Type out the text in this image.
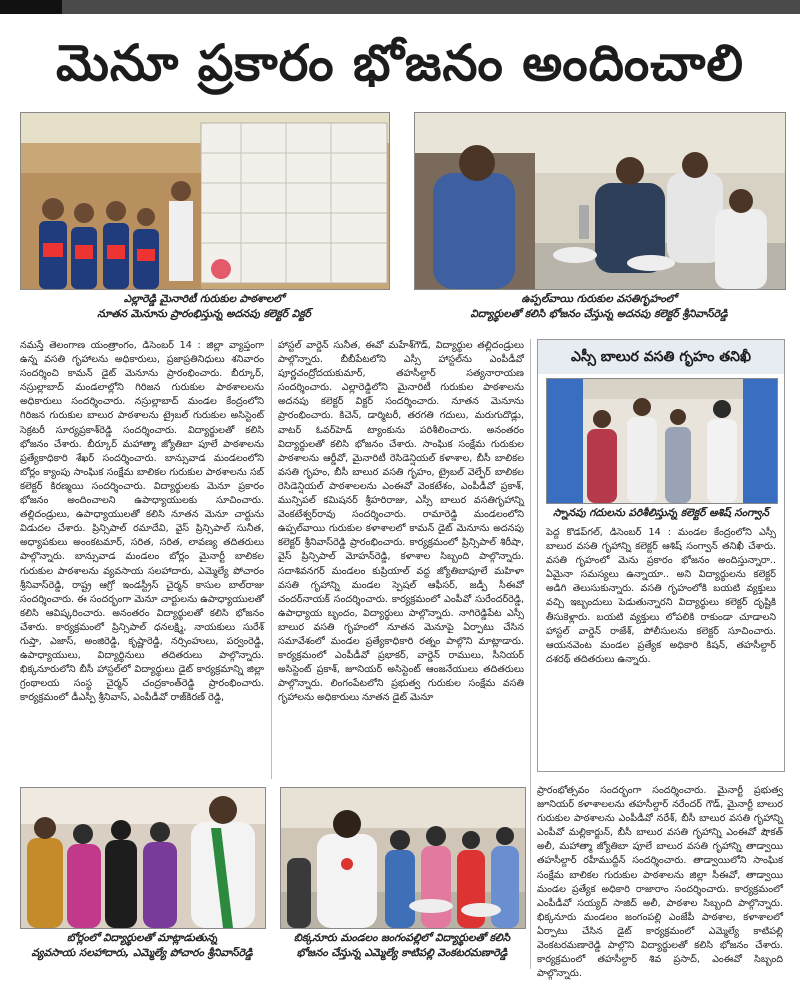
మెనూ ప్రకారం భోజనం అందించాలి
ఎల్లారెడ్డి మైనారిటీ గురుకుల పాఠశాలలో
నూతన మెనూను ప్రారంభిస్తున్న అదనపు కలెక్టర్ విక్టర్
ఉప్పల్‌వాయి గురుకుల వసతిగృహంలో
విద్యార్థులతో కలిసి భోజనం చేస్తున్న అదనపు కలెక్టర్ శ్రీనివాస్‌రెడ్డి

నమస్తే తెలంగాణ యంత్రాంగం, డిసెంబర్ 14 : జిల్లా వ్యాప్తంగా ఉన్న వసతి గృహాలను అధికారులు, ప్రజాప్రతినిధులు శనివారం సందర్శించి కామన్ డైట్ మెనూను ప్రారంభించారు. బీర్కూర్, నస్రుల్లాబాద్ మండలాల్లోని గిరిజన గురుకుల పాఠశాలలను అధికారులు సందర్శించారు. నస్రుల్లాబాద్ మండల కేంద్రంలోని గిరిజన గురుకుల బాలుర పాఠశాలను ట్రైబల్ గురుకుల అసిస్టెంట్ సెక్రటరీ సూర్యప్రకాశ్‌రెడ్డి సందర్శించారు. విద్యార్థులతో కలిసి భోజనం చేశారు. బీర్కూర్ మహాత్మా జ్యోతిబా పూలే పాఠశాలను ప్రత్యేకాధికారి శేఖర్ సందర్శించారు. బాన్సువాడ మండలంలోని బోర్లం క్యాంపు సాంఘిక సంక్షేమ బాలికల గురుకుల పాఠశాలను సబ్ కలెక్టర్ కిరణ్మయి సందర్శించారు. విద్యార్థులకు మెనూ ప్రకారం భోజనం అందించాలని ఉపాధ్యాయులకు సూచించారు. తల్లిదండ్రులు, ఉపాధ్యాయులతో కలిసి నూతన మెనూ చార్టును విడుదల చేశారు. ప్రిన్సిపాల్ రమాదేవి, వైస్ ప్రిన్సిపాల్ సునీత, అధ్యాపకులు అంంకటమార్, సరిత, సరిత, లావణ్య తదితరులు పాల్గొన్నారు. బాన్సువాడ మండలం బోర్లం మైనార్టీ బాలికల గురుకుల పాఠశాలను వ్యవసాయ సలహాదారు, ఎమ్మెల్యే పోచారం శ్రీనివాస్‌రెడ్డి, రాష్ట్ర ఆగ్రో ఇండస్ట్రీస్ చైర్మన్ కాసుల బాల్‌రాజు సందర్శించారు. ఈ సందర్భంగా మెనూ చార్టులను ఉపాధ్యాయులతో కలిసి ఆవిష్కరించారు. అనంతరం విద్యార్థులతో కలిసి భోజనం చేశారు. కార్యక్రమంలో ప్రిన్సిపాల్ ధనలక్ష్మి, నాయకులు సురేశ్ గుప్తా, ఎజాస్, అంజిరెడ్డి, కృష్ణారెడ్డి, నర్సింహులు, పర్వంరెడ్డి, ఉపాధ్యాయులు, విద్యార్థినులు తదితరులు పాల్గొన్నారు. భిక్కనూరులోని బీసీ హాస్టల్‌లో విద్యార్థులు డైట్ కార్యక్రమాన్ని జిల్లా గ్రంథాలయ సంస్థ చైర్మన్ చంద్రకాంత్‌రెడ్డి ప్రారంభించారు. కార్యక్రమంలో డీఎస్పీ శ్రీనివాస్, ఎంపీడీవో రాజ్‌కిరణ్ రెడ్డి,

హాస్టల్ వార్డెన్ సునీత, ఈవో మహేశ్‌గౌడ్, విద్యార్థుల తల్లిదండ్రులు పాల్గొన్నారు. బీబీపేటలోని ఎస్సీ హాస్టల్‌ను ఎంపీడీవో పూర్ణచంద్రోదయకుమార్, తహసీల్దార్ సత్యనారాయణ సందర్శించారు. ఎల్లారెడ్డిలోని మైనారిటీ గురుకుల పాఠశాలను అదనపు కలెక్టర్ విక్టర్ సందర్శించారు. నూతన మెనూను ప్రారంభించారు. కిచెన్, డార్మిటరీ, తరగతి గదులు, మరుగుదొడ్లు, వాటర్ ఓవర్‌హెడ్ ట్యాంకును పరిశీలించారు. అనంతరం విద్యార్థులతో కలిసి భోజనం చేశారు. సాంఘిక సంక్షేమ గురుకుల పాఠశాలను ఆర్డీవో, మైనారిటీ రెసిడెన్షియల్ కళాశాల, బీసీ బాలికల వసతి గృహం, బీసీ బాలుర వసతి గృహం, ట్రైబల్ వెల్ఫేర్ బాలికల రెసిడెన్షియల్ పాఠశాలలను ఎంఈవో వెంకటేశం, ఎంపీడీవో ప్రకాశ్, మున్సిపల్ కమిషనర్ శ్రీహరిరాజు, ఎస్సీ బాలుర వసతిగృహాన్ని వెంకటేశ్వర్‌రావు సందర్శించారు. రామారెడ్డి మండలంలోని ఉప్పల్‌వాయి గురుకుల కళాశాలలో కామన్ డైట్ మెనూను అదనపు కలెక్టర్ శ్రీనివాస్‌రెడ్డి ప్రారంభించారు. కార్యక్రమంలో ప్రిన్సిపాల్ శిరీషా, వైస్ ప్రిన్సిపాల్ మోహన్‌రెడ్డి, కళాశాల సిబ్బంది పాల్గొన్నారు. సదాశివనగర్ మండలం కుప్రియాల్ వద్ద జ్యోతిబాపూలే మహిళా వసతి గృహాన్ని మండల స్పెషల్ ఆఫీసర్, జడ్పీ సీఈవో చందర్‌నాయక్ సందర్శించారు. కార్యక్రమంలో ఎంపీవో సురేందర్‌రెడ్డి, ఉపాధ్యాయ బృందం, విద్యార్థులు పాల్గొన్నారు. నాగిరెడ్డిపేట ఎస్సీ బాలుర వసతి గృహంలో నూతన మెనూపై ఏర్పాటు చేసిన సమావేశంలో మండల ప్రత్యేకాధికారి రత్నం పాల్గొని మాట్లాడారు. కార్యక్రమంలో ఎంపీడీవో ప్రభాకర్, వార్డెన్ రాములు, సీనియర్ అసిస్టెంట్ ప్రకాశ్, జూనియర్ అసిస్టెంట్ ఆంజనేయులు తదితరులు పాల్గొన్నారు. లింగంపేటలోని ప్రభుత్వ గురుకుల సంక్షేమ వసతి గృహాలను అధికారులు నూతన డైట్ మెనూ

ఎస్సీ బాలుర వసతి గృహం తనిఖీ
స్నానపు గదులను పరిశీలిస్తున్న కలెక్టర్ ఆశిష్ సంగ్వాన్

పెద్ద కొడప్‌గల్, డిసెంబర్ 14 : మండల కేంద్రంలోని ఎస్సీ బాలుర వసతి గృహాన్ని కలెక్టర్ ఆశిష్ సంగ్వాన్ తనిఖీ చేశారు. వసతి గృహంలో మెను ప్రకారం భోజనం అందిస్తున్నారా.. ఏమైనా సమస్యలు ఉన్నాయా.. అని విద్యార్థులను కలెక్టర్ అడిగి తెలుసుకున్నారు. వసతి గృహంలోకి బయటి వ్యక్తులు వచ్చి ఇబ్బందులు పెడుతున్నారని విద్యార్థులు కలెక్టర్ దృష్టికి తీసుకెళ్లారు. బయటి వ్యక్తులు లోపలికి రాకుండా చూడాలని హాస్టల్ వార్డెన్ రాజేశ్, పోలీసులను కలెక్టర్ సూచించారు. ఆయనవెంట మండల ప్రత్యేక అధికారి కిషన్, తహసీల్దార్ దశరథ్ తదితరులు ఉన్నారు.

ప్రారంభోత్సవం సందర్భంగా సందర్శించారు. మైనార్టీ ప్రభుత్వ జూనియర్ కళాశాలలను తహసీల్దార్ నరేందర్ గౌడ్, మైనార్టీ బాలుర గురుకుల పాఠశాలను ఎంపీడీవో నరేశ్, బీసీ బాలుర వసతి గృహాన్ని ఎంపీవో మల్లికార్జున్, బీసీ బాలుర వసతి గృహాన్ని ఎంఈవో షౌకత్ అలీ, మహాత్మా జ్యోతిబా పూలే బాలుర వసతి గృహాన్ని తాడ్వాయి తహసీల్దార్ రహీముద్దీన్ సందర్శించారు. తాడ్వాయిలోని సాంఘిక సంక్షేమ బాలికల గురుకుల పాఠశాలను జిల్లా సీఈవో, తాడ్వాయి మండల ప్రత్యేక అధికారి రాజారాం సందర్శించారు. కార్యక్రమంలో ఎంపీడీవో సయ్యద్ సాజిద్ అలీ, పాఠశాల సిబ్బంది పాల్గొన్నారు. భిక్కనూరు మండలం జంగంపల్లి ఎంజేపీ పాఠశాల, కళాశాలలో ఏర్పాటు చేసిన డైట్ కార్యక్రమంలో ఎమ్మెల్యే కాటిపల్లి వెంకటరమణారెడ్డి పాల్గొని విద్యార్థులతో కలిసి భోజనం చేశారు. కార్యక్రమంలో తహసీల్దార్ శివ ప్రసాద్, ఎంఈవో సిబ్బంది పాల్గొన్నారు.

బోర్లంలో విద్యార్థులతో మాట్లాడుతున్న
వ్యవసాయ సలహాదారు, ఎమ్మెల్యే పోచారం శ్రీనివాస్‌రెడ్డి
బిక్కనూరు మండలం జంగంపల్లిలో విద్యార్థులతో కలిసి
భోజనం చేస్తున్న ఎమ్మెల్యే కాటిపల్లి వెంకటరమణారెడ్డి
